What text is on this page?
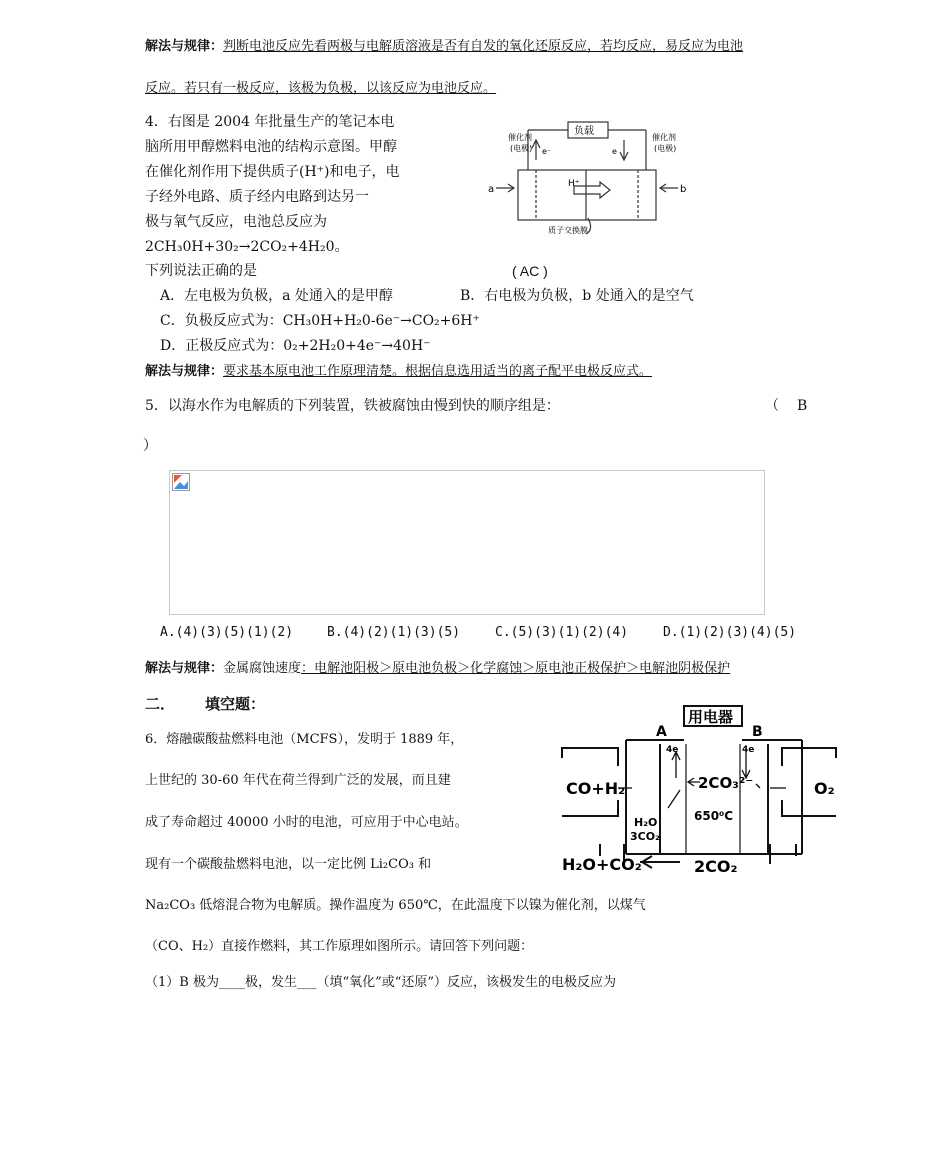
解法与规律：判断电池反应先看两极与电解质溶液是否有自发的氧化还原反应，若均反应，易反应为电池
反应。若只有一极反应，该极为负极，以该反应为电池反应。
4．右图是 2004 年批量生产的笔记本电
脑所用甲醇燃料电池的结构示意图。甲醇
在催化剂作用下提供质子(H⁺)和电子，电
子经外电路、质子经内电路到达另一
极与氧气反应，电池总反应为
2CH₃0H+30₂→2CO₂+4H₂0。
下列说法正确的是	( AC )
A．左电极为负极，a 处通入的是甲醇	B．右电极为负极，b 处通入的是空气
C．负极反应式为：CH₃0H+H₂0-6e⁻→CO₂+6H⁺
D．正极反应式为：0₂+2H₂0+4e⁻→40H⁻
负载
催化剂
(电极)
催化剂
(电极)
e⁻	e
H⁺
a	b
质子交换膜
解法与规律：要求基本原电池工作原理清楚。根据信息选用适当的离子配平电极反应式。
5．以海水作为电解质的下列装置，铁被腐蚀由慢到快的顺序组是：	（ B
）
A.(4)(3)(5)(1)(2)	B.(4)(2)(1)(3)(5)	C.(5)(3)(1)(2)(4)	D.(1)(2)(3)(4)(5)
解法与规律：金属腐蚀速度：电解池阳极＞原电池负极＞化学腐蚀＞原电池正极保护＞电解池阴极保护
二． 填空题：
6．熔融碳酸盐燃料电池（MCFS），发明于 1889 年，
上世纪的 30-60 年代在荷兰得到广泛的发展，而且建
成了寿命超过 40000 小时的电池，可应用于中心电站。
现有一个碳酸盐燃料电池，以一定比例 Li₂CO₃ 和
Na₂CO₃ 低熔混合物为电解质。操作温度为 650℃，在此温度下以镍为催化剂，以煤气
（CO、H₂）直接作燃料，其工作原理如图所示。请回答下列问题：
（1）B 极为____极，发生___（填“氧化”或“还原”）反应，该极发生的电极反应为
用电器
A	B
CO+H₂	O₂
H₂O+CO₂	2CO₂
4e	4e
2CO₃²⁻
650⁰C
H₂O
3CO₂
